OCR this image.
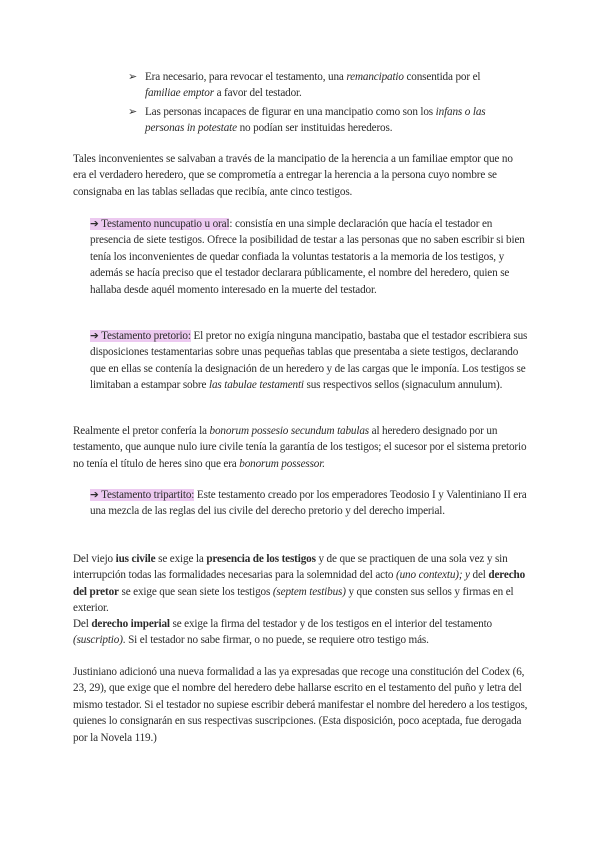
➢ Era necesario, para revocar el testamento, una remancipatio consentida por el
familiae emptor a favor del testador.

➢ Las personas incapaces de figurar en una mancipatio como son los infans o las
personas in potestate no podían ser instituidas herederos.

Tales inconvenientes se salvaban a través de la mancipatio de la herencia a un familiae emptor que no era el verdadero heredero, que se comprometía a entregar la herencia a la persona cuyo nombre se consignaba en las tablas selladas que recibía, ante cinco testigos.

➔ Testamento nuncupatio u oral: consistía en una simple declaración que hacía el testador en presencia de siete testigos. Ofrece la posibilidad de testar a las personas que no saben escribir si bien tenía los inconvenientes de quedar confiada la voluntas testatoris a la memoria de los testigos, y además se hacía preciso que el testador declarara públicamente, el nombre del heredero, quien se hallaba desde aquél momento interesado en la muerte del testador.

➔ Testamento pretorio: El pretor no exigía ninguna mancipatio, bastaba que el testador escribiera sus disposiciones testamentarias sobre unas pequeñas tablas que presentaba a siete testigos, declarando que en ellas se contenía la designación de un heredero y de las cargas que le imponía. Los testigos se limitaban a estampar sobre las tabulae testamenti sus respectivos sellos (signaculum annulum).

Realmente el pretor confería la bonorum possesio secundum tabulas al heredero designado por un testamento, que aunque nulo iure civile tenía la garantía de los testigos; el sucesor por el sistema pretorio no tenía el título de heres sino que era bonorum possessor.

➔ Testamento tripartito: Este testamento creado por los emperadores Teodosio I y Valentiniano II era una mezcla de las reglas del ius civile del derecho pretorio y del derecho imperial.

Del viejo ius civile se exige la presencia de los testigos y de que se practiquen de una sola vez y sin interrupción todas las formalidades necesarias para la solemnidad del acto (uno contextu); y del derecho del pretor se exige que sean siete los testigos (septem testibus) y que consten sus sellos y firmas en el exterior.

Del derecho imperial se exige la firma del testador y de los testigos en el interior del testamento (suscriptio). Si el testador no sabe firmar, o no puede, se requiere otro testigo más.

Justiniano adicionó una nueva formalidad a las ya expresadas que recoge una constitución del Codex (6, 23, 29), que exige que el nombre del heredero debe hallarse escrito en el testamento del puño y letra del mismo testador. Si el testador no supiese escribir deberá manifestar el nombre del heredero a los testigos, quienes lo consignarán en sus respectivas suscripciones. (Esta disposición, poco aceptada, fue derogada por la Novela 119.)
